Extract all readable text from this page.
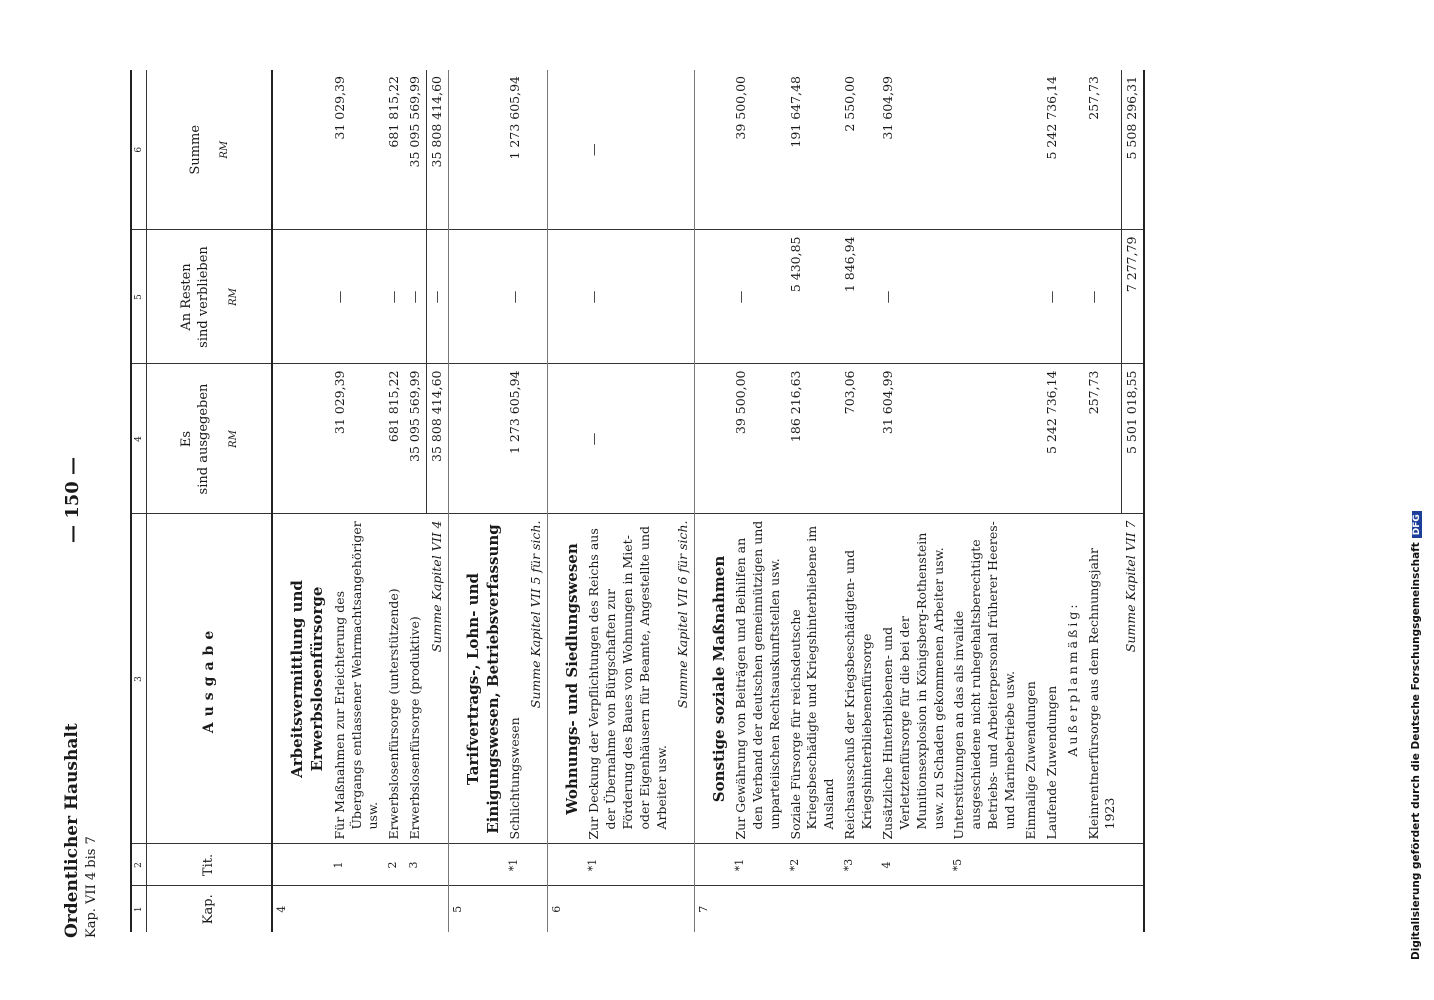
Ordentlicher Haushalt Kap. VII 4 bis 7
— 150 —
1	2	3	4	5	6
Kap.	Tit.	Ausgabe	Es sind ausgegeben RM	An Resten sind verblieben RM	Summe RM

4		Arbeitsvermittlung und Erwerbslosenfürsorge			
	1	Für Maßnahmen zur Erleichterung des Übergangs entlassener Wehrmachtsangehöriger usw.	31 029,39	—	31 029,39
	2	Erwerbslosenfürsorge (unterstützende)	681 815,22	—	681 815,22
	3	Erwerbslosenfürsorge (produktive)	35 095 569,99	—	35 095 569,99
		Summe Kapitel VII 4	35 808 414,60	—	35 808 414,60
5		Tarifvertrags-, Lohn- und Einigungswesen, Betriebsverfassung			
	*1	Schlichtungswesen	1 273 605,94	—	1 273 605,94
		Summe Kapitel VII 5 für sich.			
6		Wohnungs- und Siedlungswesen			
	*1	Zur Deckung der Verpflichtungen des Reichs aus der Übernahme von Bürgschaften zur Förderung des Baues von Wohnungen in Miet- oder Eigenhäusern für Beamte, Angestellte und Arbeiter usw.	—	—	—
		Summe Kapitel VII 6 für sich.			
7		Sonstige soziale Maßnahmen			
	*1	Zur Gewährung von Beiträgen und Beihilfen an den Verband der deutschen gemeinnützigen und unparteiischen Rechtsauskunftstellen usw.	39 500,00	—	39 500,00
	*2	Soziale Fürsorge für reichsdeutsche Kriegsbeschädigte und Kriegshinterbliebene im Ausland	186 216,63	5 430,85	191 647,48
	*3	Reichsausschuß der Kriegsbeschädigten- und Kriegshinterbliebenenfürsorge	703,06	1 846,94	2 550,00
	4	Zusätzliche Hinterbliebenen- und Verletztenfürsorge für die bei der Munitionsexplosion in Königsberg-Rothenstein usw. zu Schaden gekommenen Arbeiter usw.	31 604,99	—	31 604,99
	*5	Unterstützungen an das als invalide ausgeschiedene nicht ruhegehaltsberechtigte Betriebs- und Arbeiterpersonal früherer Heeres- und Marinebetriebe usw.			
		Einmalige Zuwendungen			
		Laufende Zuwendungen	5 242 736,14	—	5 242 736,14
		Außerplanmäßig:			
		Kleinrentnerfürsorge aus dem Rechnungsjahr 1923	257,73	—	257,73
		Summe Kapitel VII 7	5 501 018,55	7 277,79	5 508 296,31
Digitalisierung gefördert durch die Deutsche ForschungsgemeinschaftDFG
